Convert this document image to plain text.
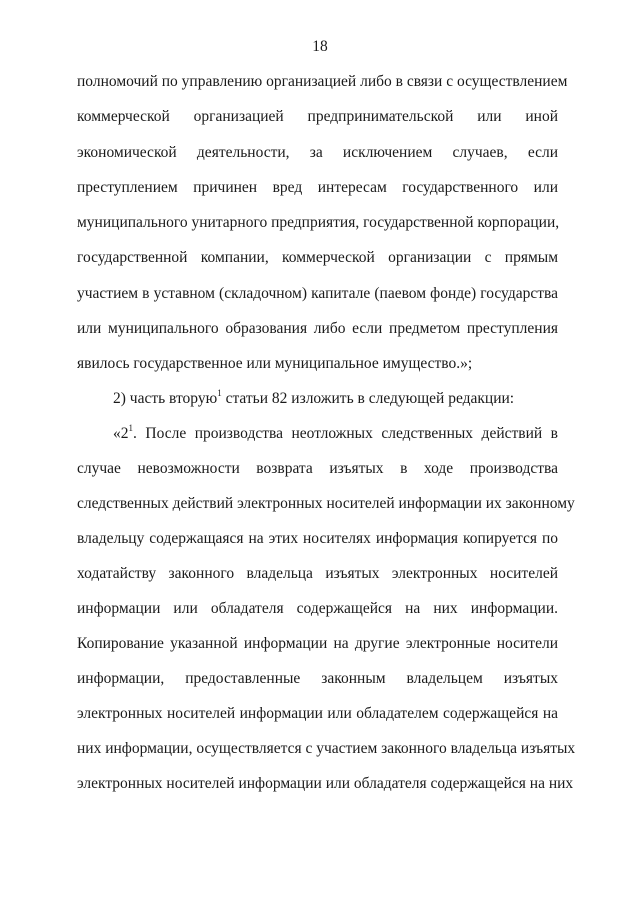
18
полномочий по управлению организацией либо в связи с осуществлением
коммерческой организацией предпринимательской или иной
экономической деятельности, за исключением случаев, если
преступлением причинен вред интересам государственного или
муниципального унитарного предприятия, государственной корпорации,
государственной компании, коммерческой организации с прямым
участием в уставном (складочном) капитале (паевом фонде) государства
или муниципального образования либо если предметом преступления
явилось государственное или муниципальное имущество.»;
2) часть вторую$^1$ статьи 82 изложить в следующей редакции:
«$2^1$. После производства неотложных следственных действий в
случае невозможности возврата изъятых в ходе производства
следственных действий электронных носителей информации их законному
владельцу содержащаяся на этих носителях информация копируется по
ходатайству законного владельца изъятых электронных носителей
информации или обладателя содержащейся на них информации.
Копирование указанной информации на другие электронные носители
информации, предоставленные законным владельцем изъятых
электронных носителей информации или обладателем содержащейся на
них информации, осуществляется с участием законного владельца изъятых
электронных носителей информации или обладателя содержащейся на них
